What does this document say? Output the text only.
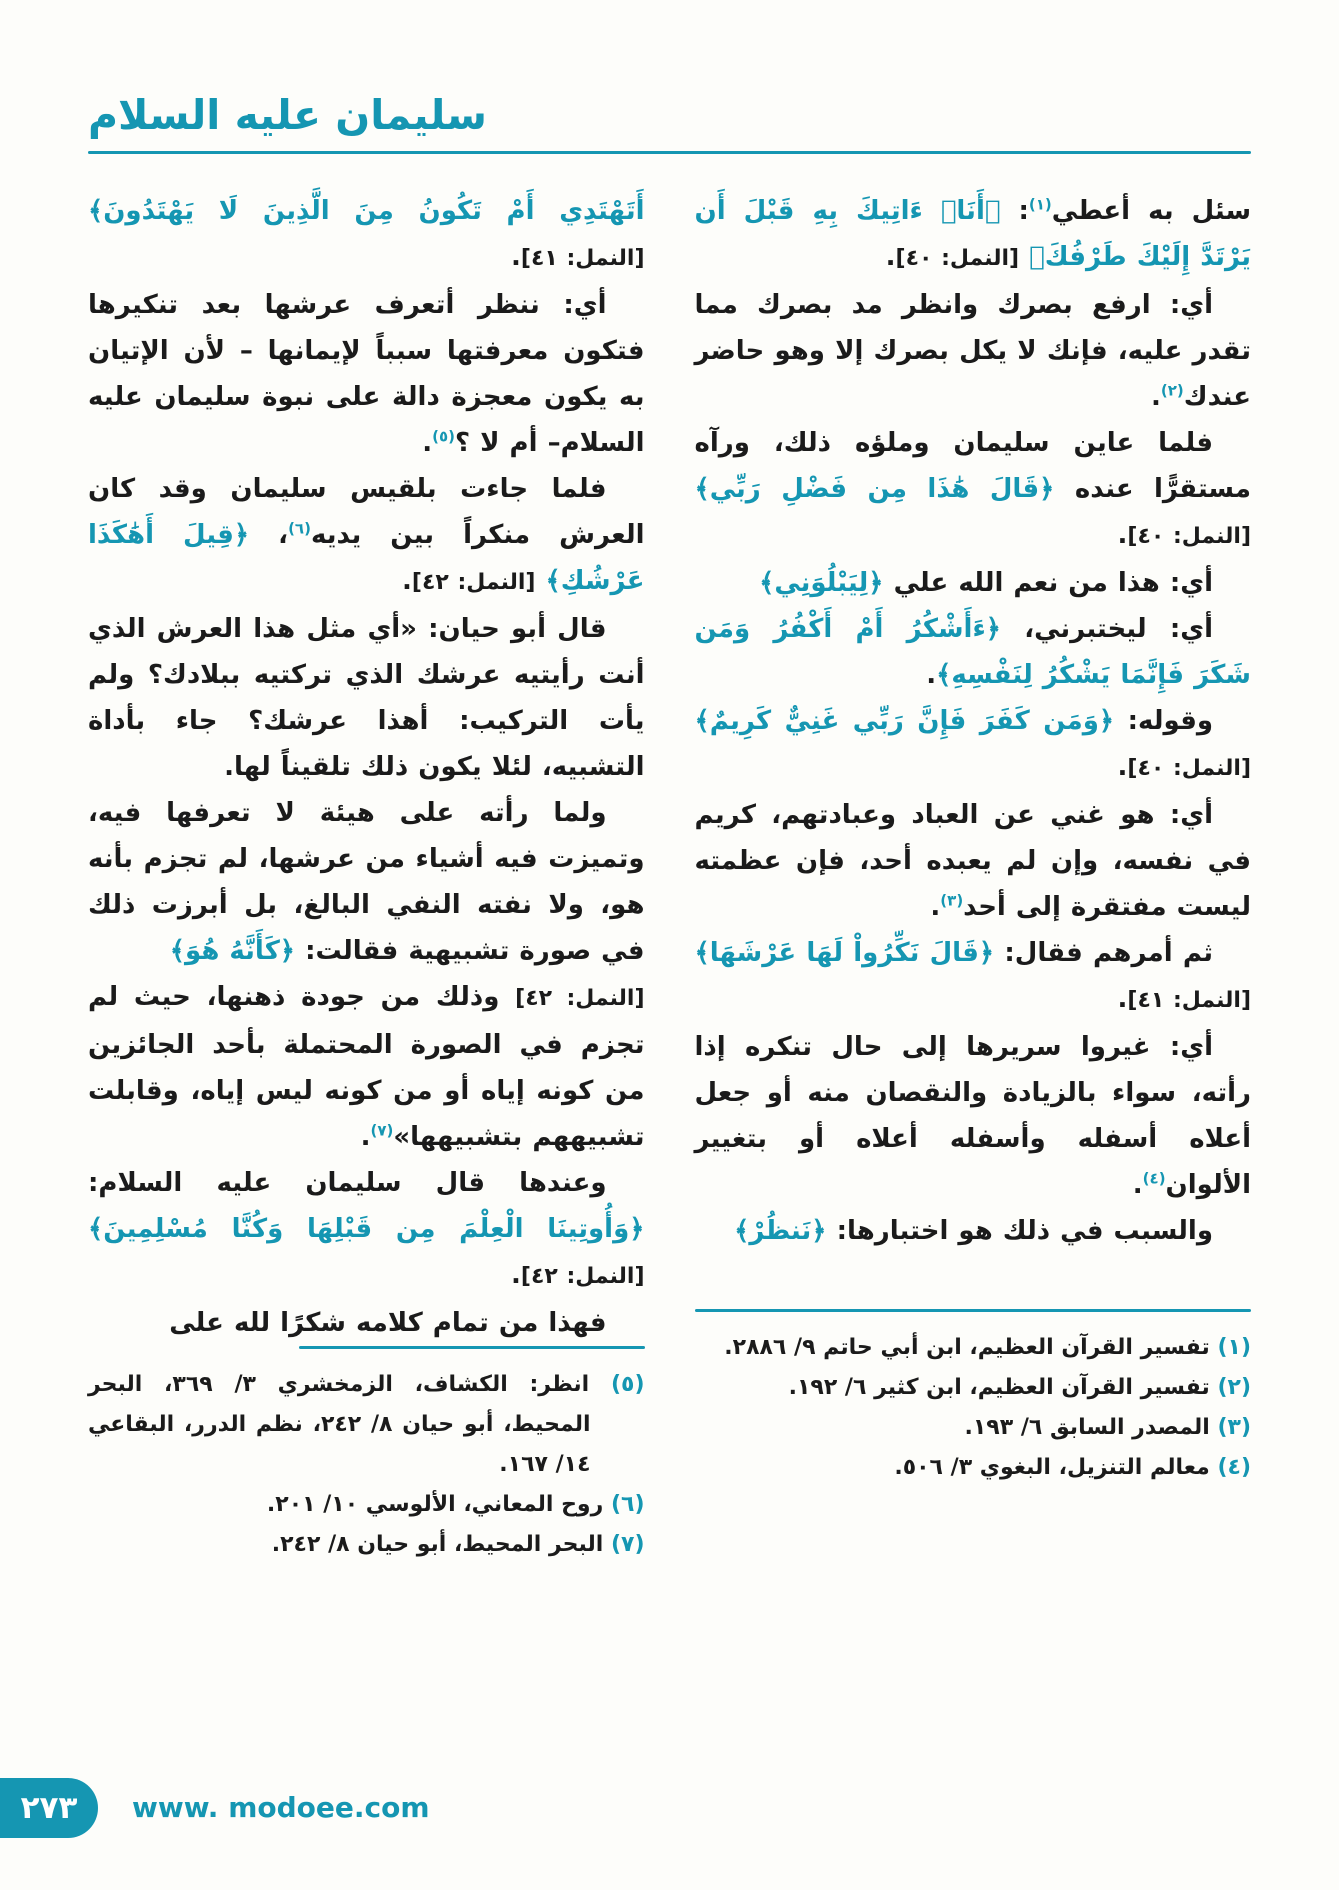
سليمان عليه السلام

سئل به أعطي$^{(١)}$: ﴿أَنَا۠ ءَاتِيكَ بِهِ قَبْلَ أَن يَرْتَدَّ إِلَيْكَ طَرْفُكَ﴾ [النمل: ٤٠].

أي: ارفع بصرك وانظر مد بصرك مما تقدر عليه، فإنك لا يكل بصرك إلا وهو حاضر عندك$^{(٢)}$.

فلما عاين سليمان وملؤه ذلك، ورآه مستقرًّا عنده ﴿قَالَ هَٰذَا مِن فَضْلِ رَبِّي﴾ [النمل: ٤٠].

أي: هذا من نعم الله علي ﴿لِيَبْلُوَنِي﴾

أي: ليختبرني، ﴿ءَأَشْكُرُ أَمْ أَكْفُرُ وَمَن شَكَرَ فَإِنَّمَا يَشْكُرُ لِنَفْسِهِ﴾.

وقوله: ﴿وَمَن كَفَرَ فَإِنَّ رَبِّي غَنِيٌّ كَرِيمٌ﴾ [النمل: ٤٠].

أي: هو غني عن العباد وعبادتهم، كريم في نفسه، وإن لم يعبده أحد، فإن عظمته ليست مفتقرة إلى أحد$^{(٣)}$.

ثم أمرهم فقال: ﴿قَالَ نَكِّرُواْ لَهَا عَرْشَهَا﴾ [النمل: ٤١].

أي: غيروا سريرها إلى حال تنكره إذا رأته، سواء بالزيادة والنقصان منه أو جعل أعلاه أسفله وأسفله أعلاه أو بتغيير الألوان$^{(٤)}$.

والسبب في ذلك هو اختبارها: ﴿نَنظُرْ﴾

(١) تفسير القرآن العظيم، ابن أبي حاتم ٩/ ٢٨٨٦.
(٢) تفسير القرآن العظيم، ابن كثير ٦/ ١٩٢.
(٣) المصدر السابق ٦/ ١٩٣.
(٤) معالم التنزيل، البغوي ٣/ ٥٠٦.

أَتَهْتَدِي أَمْ تَكُونُ مِنَ الَّذِينَ لَا يَهْتَدُونَ﴾ [النمل: ٤١].

أي: ننظر أتعرف عرشها بعد تنكيرها فتكون معرفتها سبباً لإيمانها – لأن الإتيان به يكون معجزة دالة على نبوة سليمان عليه السلام– أم لا ؟$^{(٥)}$.

فلما جاءت بلقيس سليمان وقد كان العرش منكراً بين يديه$^{(٦)}$، ﴿قِيلَ أَهَٰكَذَا عَرْشُكِ﴾ [النمل: ٤٢].

قال أبو حيان: «أي مثل هذا العرش الذي أنت رأيتيه عرشك الذي تركتيه ببلادك؟ ولم يأت التركيب: أهذا عرشك؟ جاء بأداة التشبيه، لئلا يكون ذلك تلقيناً لها.

ولما رأته على هيئة لا تعرفها فيه، وتميزت فيه أشياء من عرشها، لم تجزم بأنه هو، ولا نفته النفي البالغ، بل أبرزت ذلك في صورة تشبيهية فقالت: ﴿كَأَنَّهُ هُوَ﴾

[النمل: ٤٢] وذلك من جودة ذهنها، حيث لم تجزم في الصورة المحتملة بأحد الجائزين من كونه إياه أو من كونه ليس إياه، وقابلت تشبيههم بتشبيهها»$^{(٧)}$.

وعندها قال سليمان عليه السلام: ﴿وَأُوتِينَا الْعِلْمَ مِن قَبْلِهَا وَكُنَّا مُسْلِمِينَ﴾ [النمل: ٤٢].

فهذا من تمام كلامه شكرًا لله على

(٥) انظر: الكشاف، الزمخشري ٣/ ٣٦٩، البحر المحيط، أبو حيان ٨/ ٢٤٢، نظم الدرر، البقاعي ١٤/ ١٦٧.
(٦) روح المعاني، الألوسي ١٠/ ٢٠١.
(٧) البحر المحيط، أبو حيان ٨/ ٢٤٢.
٢٧٣ www. modoee.com
